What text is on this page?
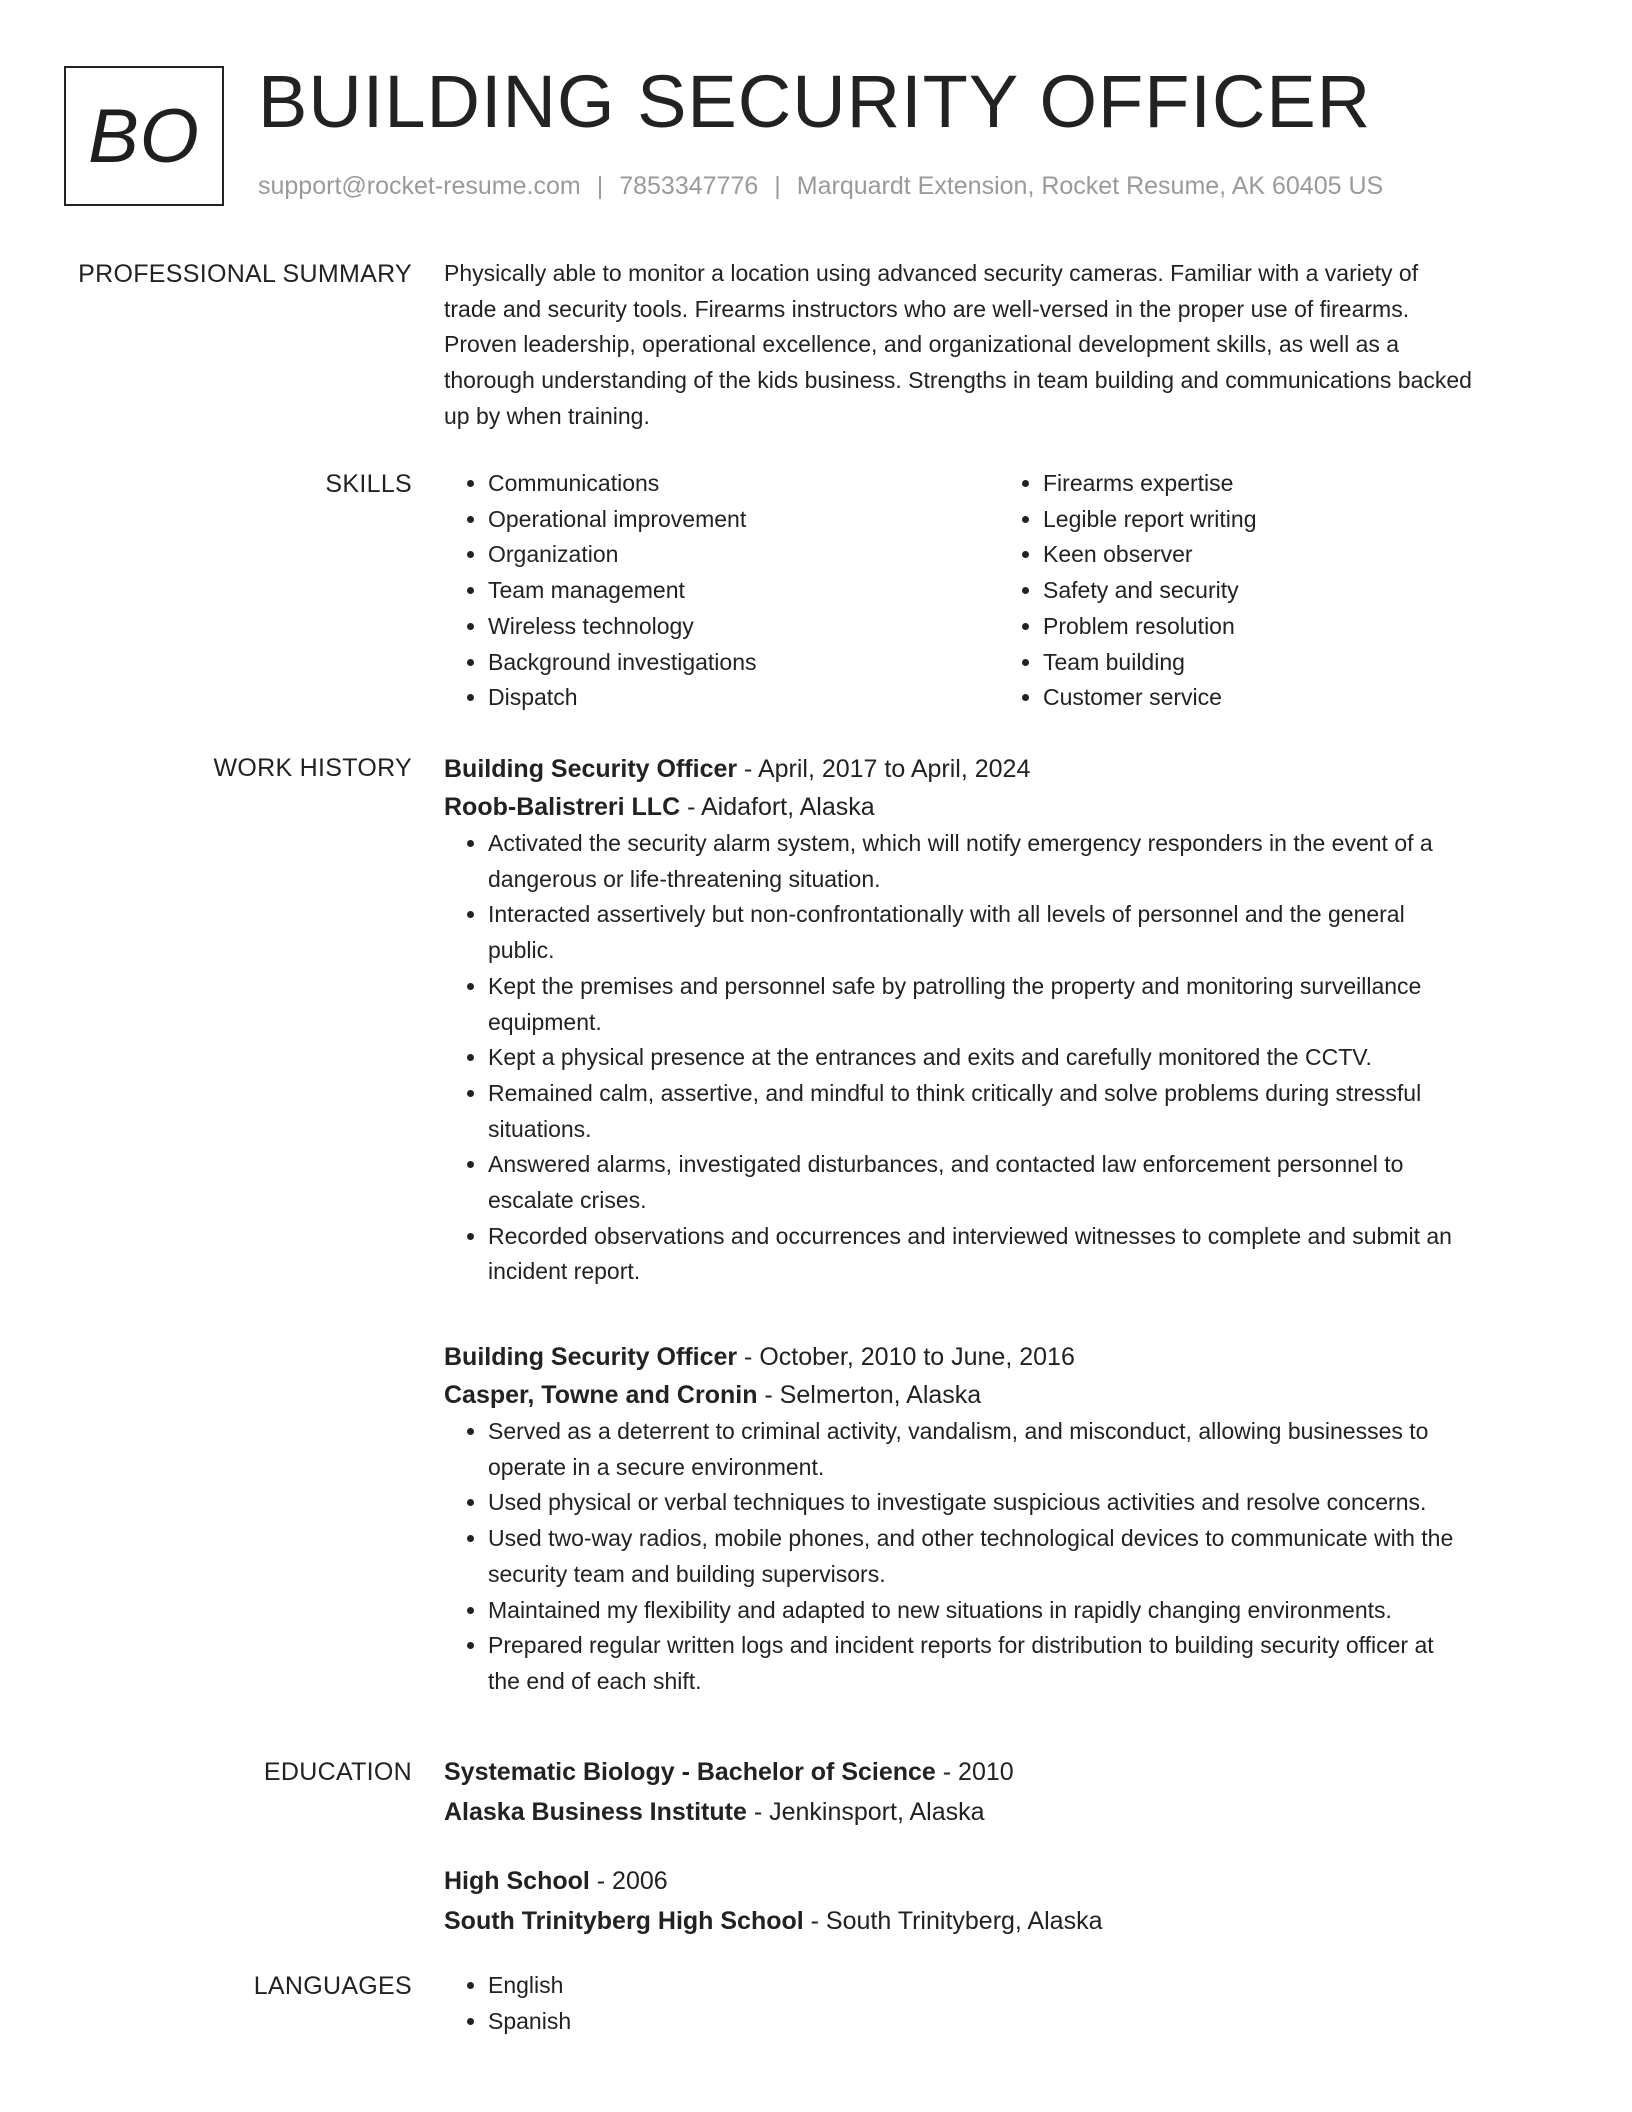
BO BUILDING SECURITY OFFICER
support@rocket-resume.com | 7853347776 | Marquardt Extension, Rocket Resume, AK 60405 US
PROFESSIONAL SUMMARY Physically able to monitor a location using advanced security cameras. Familiar with a variety of

trade and security tools. Firearms instructors who are well-versed in the proper use of firearms.

Proven leadership, operational excellence, and organizational development skills, as well as a

thorough understanding of the kids business. Strengths in team building and communications backed

up by when training.

SKILLS	• Communications
• Operational improvement
• Organization
• Team management
• Wireless technology
• Background investigations
• Dispatch
• Firearms expertise
• Legible report writing
• Keen observer
• Safety and security
• Problem resolution
• Team building
• Customer service
WORK HISTORY Building Security Officer - April, 2017 to April, 2024
Roob-Balistreri LLC - Aidafort, Alaska
• Activated the security alarm system, which will notify emergency responders in the event of a
dangerous or life-threatening situation.
• Interacted assertively but non-confrontationally with all levels of personnel and the general
public.
• Kept the premises and personnel safe by patrolling the property and monitoring surveillance
equipment.
• Kept a physical presence at the entrances and exits and carefully monitored the CCTV.
• Remained calm, assertive, and mindful to think critically and solve problems during stressful
situations.
• Answered alarms, investigated disturbances, and contacted law enforcement personnel to
escalate crises.
• Recorded observations and occurrences and interviewed witnesses to complete and submit an
incident report.
Building Security Officer - October, 2010 to June, 2016
Casper, Towne and Cronin - Selmerton, Alaska
• Served as a deterrent to criminal activity, vandalism, and misconduct, allowing businesses to
operate in a secure environment.
• Used physical or verbal techniques to investigate suspicious activities and resolve concerns.
• Used two-way radios, mobile phones, and other technological devices to communicate with the
security team and building supervisors.
• Maintained my flexibility and adapted to new situations in rapidly changing environments.
• Prepared regular written logs and incident reports for distribution to building security officer at
the end of each shift.
EDUCATION Systematic Biology - Bachelor of Science - 2010
Alaska Business Institute - Jenkinsport, Alaska
High School - 2006
South Trinityberg High School - South Trinityberg, Alaska
LANGUAGES	• English
• Spanish
